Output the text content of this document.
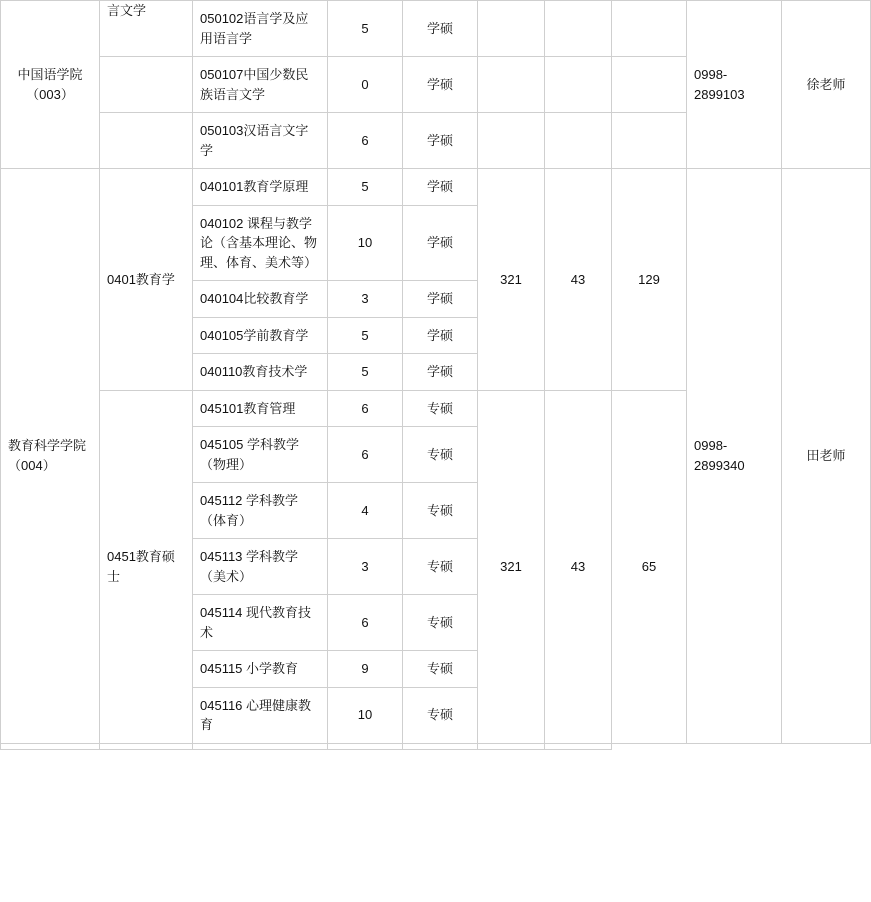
中国语学院（003）	言文学	050102语言学及应用语言学	5	学硕				0998-2899103	徐老师
		050107中国少数民族语言文学	0	学硕					
		050103汉语言文字学	6	学硕					
教育科学学院（004）	0401教育学	040101教育学原理	5	学硕	321	43	129	0998-2899340	田老师
		040102 课程与教学论（含基本理论、物理、体育、美术等）	10	学硕					
		040104比较教育学	3	学硕					
		040105学前教育学	5	学硕					
		040110教育技术学	5	学硕					
	0451教育硕士	045101教育管理	6	专硕	321	43	65		
		045105 学科教学（物理）	6	专硕					
		045112 学科教学（体育）	4	专硕					
		045113 学科教学（美术）	3	专硕					
		045114 现代教育技术	6	专硕					
		045115 小学教育	9	专硕					
		045116 心理健康教育	10	专硕					
